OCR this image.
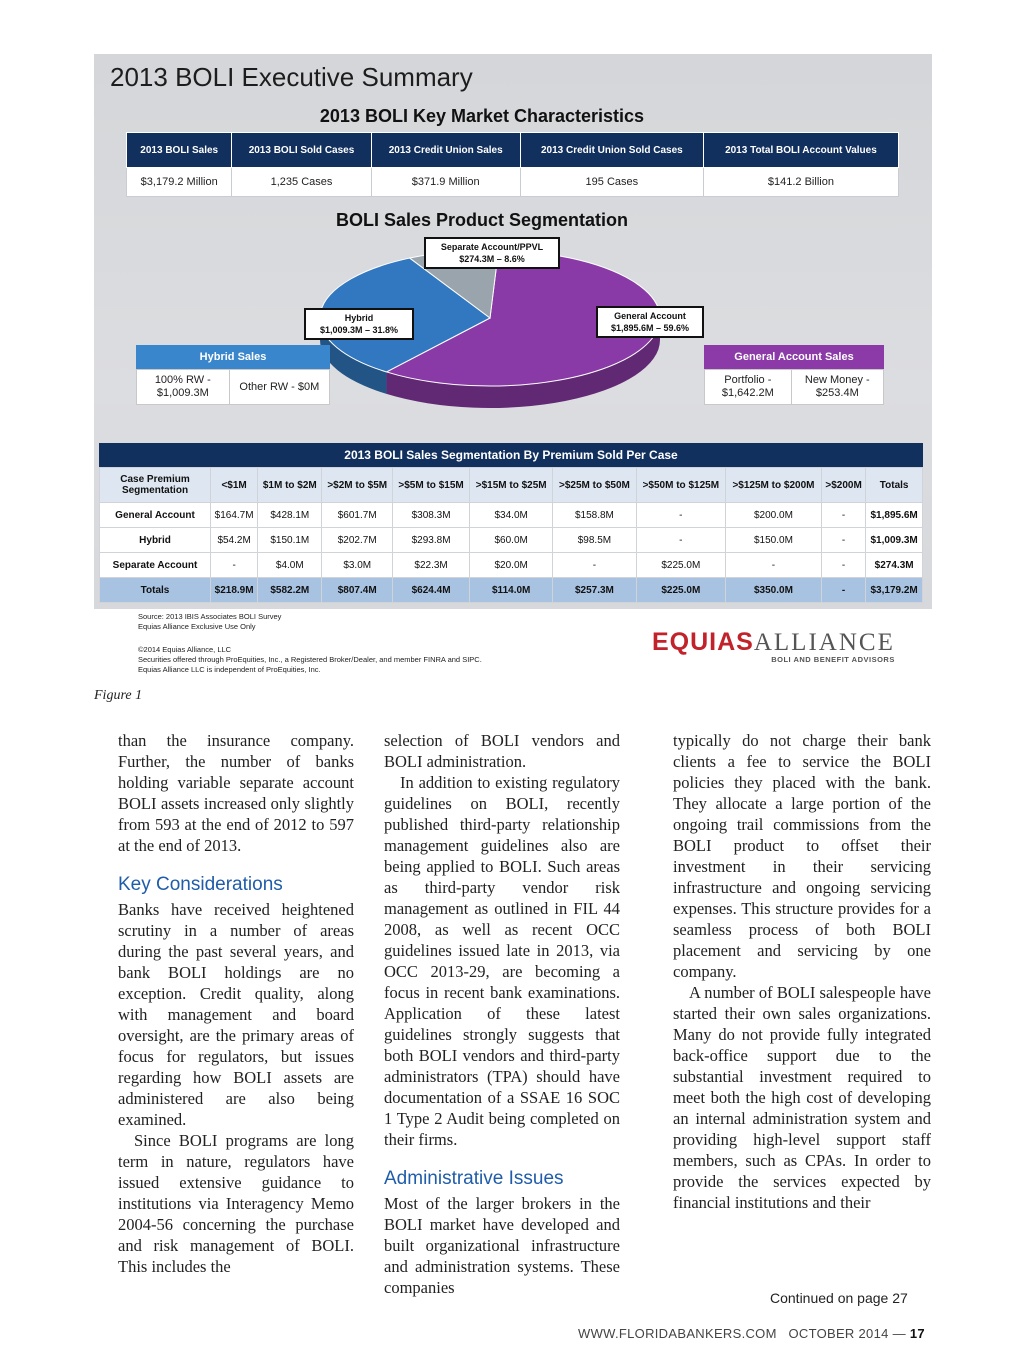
2013 BOLI Executive Summary
2013 BOLI Key Market Characteristics
2013 BOLI Sales	2013 BOLI Sold Cases	2013 Credit Union Sales	2013 Credit Union Sold Cases	2013 Total BOLI Account Values
$3,179.2 Million	1,235 Cases	$371.9 Million	195 Cases	$141.2 Billion
BOLI Sales Product Segmentation
Separate Account/PPVL
$274.3M – 8.6%
Hybrid
$1,009.3M – 31.8%
General Account
$1,895.6M – 59.6%
Hybrid Sales
100% RW - $1,009.3M
Other RW - $0M
General Account Sales
Portfolio - $1,642.2M
New Money - $253.4M
2013 BOLI Sales Segmentation By Premium Sold Per Case
Case Premium Segmentation	<$1M	$1M to $2M	>$2M to $5M	>$5M to $15M	>$15M to $25M	>$25M to $50M	>$50M to $125M	>$125M to $200M	>$200M	Totals
General Account	$164.7M	$428.1M	$601.7M	$308.3M	$34.0M	$158.8M	-	$200.0M	-	$1,895.6M
Hybrid	$54.2M	$150.1M	$202.7M	$293.8M	$60.0M	$98.5M	-	$150.0M	-	$1,009.3M
Separate Account	-	$4.0M	$3.0M	$22.3M	$20.0M	-	$225.0M	-	-	$274.3M
Totals	$218.9M	$582.2M	$807.4M	$624.4M	$114.0M	$257.3M	$225.0M	$350.0M	-	$3,179.2M
Source: 2013 IBIS Associates BOLI Survey
Equias Alliance Exclusive Use Only
©2014 Equias Alliance, LLC
Securities offered through ProEquities, Inc., a Registered Broker/Dealer, and member FINRA and SIPC.
Equias Alliance LLC is independent of ProEquities, Inc.
EQUIASALLIANCE
BOLI AND BENEFIT ADVISORS
Figure 1

than the insurance company. Further, the number of banks holding variable separate account BOLI assets increased only slightly from 593 at the end of 2012 to 597 at the end of 2013.

Key Considerations

Banks have received heightened scrutiny in a number of areas during the past several years, and bank BOLI holdings are no exception. Credit quality, along with management and board oversight, are the primary areas of focus for regulators, but issues regarding how BOLI assets are administered are also being examined.

Since BOLI programs are long term in nature, regulators have issued extensive guidance to institutions via Interagency Memo 2004-56 concerning the purchase and risk management of BOLI. This includes the

selection of BOLI vendors and BOLI administration.

In addition to existing regulatory guidelines on BOLI, recently published third-party relationship management guidelines also are being applied to BOLI. Such areas as third-party vendor risk management as outlined in FIL 44 2008, as well as recent OCC guidelines issued late in 2013, via OCC 2013-29, are becoming a focus in recent bank examinations. Application of these latest guidelines strongly suggests that both BOLI vendors and third-party administrators (TPA) should have documentation of a SSAE 16 SOC 1 Type 2 Audit being completed on their firms.

Administrative Issues

Most of the larger brokers in the BOLI market have developed and built organizational infrastructure and administration systems. These companies

typically do not charge their bank clients a fee to service the BOLI policies they placed with the bank. They allocate a large portion of the ongoing trail commissions from the BOLI product to offset their investment in their servicing infrastructure and ongoing servicing expenses. This structure provides for a seamless process of both BOLI placement and servicing by one company.

A number of BOLI salespeople have started their own sales organizations. Many do not provide fully integrated back-office support due to the substantial investment required to meet both the high cost of developing an internal administration system and providing high-level support staff members, such as CPAs. In order to provide the services expected by financial institutions and their

Continued on page 27
WWW.FLORIDABANKERS.COM OCTOBER 2014 — 17
